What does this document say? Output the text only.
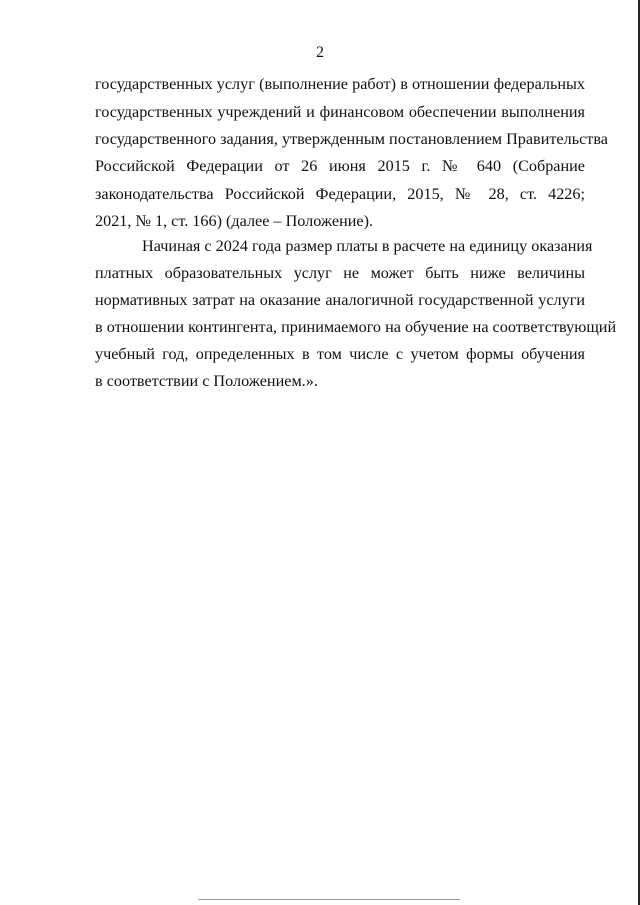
2
государственных услуг (выполнение работ) в отношении федеральных
государственных учреждений и финансовом обеспечении выполнения
государственного задания, утвержденным постановлением Правительства
Российской Федерации от 26 июня 2015 г. № 640 (Собрание
законодательства Российской Федерации, 2015, № 28, ст. 4226;
2021, № 1, ст. 166) (далее – Положение).
Начиная с 2024 года размер платы в расчете на единицу оказания
платных образовательных услуг не может быть ниже величины
нормативных затрат на оказание аналогичной государственной услуги
в отношении контингента, принимаемого на обучение на соответствующий
учебный год, определенных в том числе с учетом формы обучения
в соответствии с Положением.».
